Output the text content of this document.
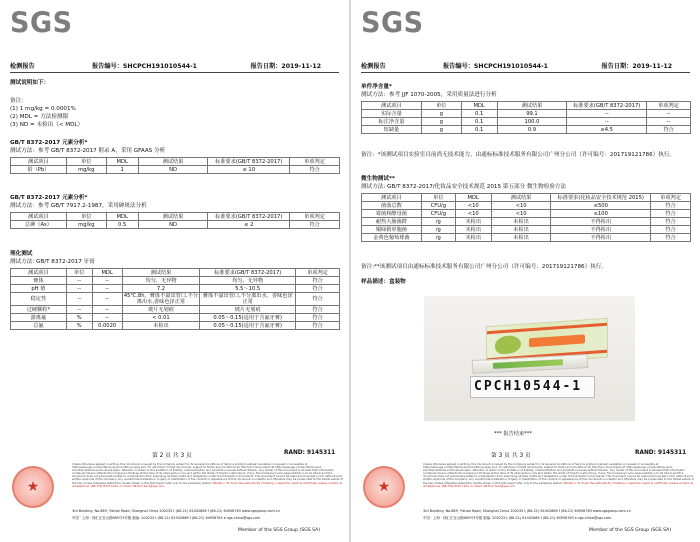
SGS
检测报告	报告编号：SHCPCH191010544-1	报告日期：2019-11-12
测试说明如下：
备注：
(1) 1 mg/kg = 0.0001%
(2) MDL = 方法检测限
(3) ND = 未检出（< MDL）
GB/T 8372-2017 元素分析*
测试方法：参考 GB/T 8372-2017 附录 A，采用 GFAAS 分析
测试项目	单位	MDL	测试结果	标准要求(GB/T 8372-2017)	单项判定
铅（Pb）	mg/kg	1	ND	≤ 10	符合
GB/T 8372-2017 元素分析*
测试方法：参考 GB/T 7917.2-1987，采用砷斑法分析
测试项目	单位	MDL	测试结果	标准要求(GB/T 8372-2017)	单项判定
总砷（As）	mg/kg	0.5	ND	≤ 2	符合
理化测试
测试方法: GB/T 8372-2017 牙膏
测试项目	单位	MDL	测试结果	标准要求(GB/T 8372-2017)	单项判定
膏体	--	--	均匀、无异物	均匀、无异物	符合
pH 值	--	--	7.2	5.5～10.5	符合
稳定性	--	--	45℃,8h，膏体不溢出管口,不分离出水,香味色泽正常	膏体不溢出管口,不分离出水，香味色泽正常	符合
过硬颗粒*	--	--	玻片无划痕	玻片无划痕	符合
游离氟	%	--	< 0.01	0.05～0.15(适用于含氟牙膏)	符合
总氟	%	0.0020	未检出	0.05～0.15(适用于含氟牙膏)	符合
第 2 页 共 3 页	RAND: 9145311
★
Unless otherwise agreed in writing, this document is issued by the Company subject to its General Conditions of Service printed overleaf, available on request or accessible at http://www.sgs.com/en/Terms-and-Conditions.aspx and, for electronic format documents, subject to Terms and Conditions for Electronic Documents at http://www.sgs.com/en/Terms-and-Conditions/Terms-e-Document.aspx. Attention is drawn to the limitation of liability, indemnification and jurisdiction issues defined therein. Any holder of this document is advised that information contained hereon reflects the Company's findings at the time of its intervention only and within the limits of Client's instructions, if any. The Company's sole responsibility is to its Client and this document does not exonerate parties to a transaction from exercising all their rights and obligations under the transaction documents. This document cannot be reproduced except in full, without prior written approval of the Company. Any unauthorized alteration, forgery or falsification of the content or appearance of this document is unlawful and offenders may be prosecuted to the fullest extent of the law. Unless otherwise stated the results shown in this test report refer only to the sample(s) tested. Attention: To check the authenticity of testing / inspection report & certificate, please contact us at telephone: (86-755) 8307 1443, or email: CN.Doccheck@sgs.com
3rd Building, No.889, Yishan Road, Shanghai China 200233 t (86-21) 61402666 f (86-21) 64958763 www.sgsgroup.com.cn
中国 · 上海 · 徐汇区宜山路889号3号楼 邮编: 200233 t (86-21) 61402666 f (86-21) 64958763 e sgs.china@sgs.com
Member of the SGS Group (SGS SA)
SGS
检测报告	报告编号：SHCPCH191010544-1	报告日期：2019-11-12
单件净含量*
测试方法：参考 JJF 1070-2005，采用质量法进行分析
测试项目	单位	MDL	测试结果	标准要求(GB/T 8372-2017)	单项判定
实际含量	g	0.1	99.1	--	--
标注净含量	g	0.1	100.0	--	--
短缺量	g	0.1	0.9	≤4.5	符合
备注：*该测试项目实验室目前尚无技术能力，由通标标准技术服务有限公司广州分公司（许可编号：201719121786）执行。
微生物测试**
测试方法: GB/T 8372-2017/化妆品安全技术规范 2015 第五部分 微生物检验方法
测试项目	单位	MDL	测试结果	标准要求(化妆品安全技术规范 2015)	单项判定
菌落总数	CFU/g	<10	<10	≤500	符合
霉菌和酵母菌	CFU/g	<10	<10	≤100	符合
耐热大肠菌群	/g	未检出	未检出	不得检出	符合
铜绿假单胞菌	/g	未检出	未检出	不得检出	符合
金黄色葡萄球菌	/g	未检出	未检出	不得检出	符合
备注:**该测试项目由通标标准技术服务有限公司广州分公司（许可编号：201719121786）执行。
样品描述：盒装物
CPCH10544-1
*** 报告结束***
第 3 页 共 3 页	RAND: 9145311
★
Unless otherwise agreed in writing, this document is issued by the Company subject to its General Conditions of Service printed overleaf, available on request or accessible at http://www.sgs.com/en/Terms-and-Conditions.aspx and, for electronic format documents, subject to Terms and Conditions for Electronic Documents at http://www.sgs.com/en/Terms-and-Conditions/Terms-e-Document.aspx. Attention is drawn to the limitation of liability, indemnification and jurisdiction issues defined therein. Any holder of this document is advised that information contained hereon reflects the Company's findings at the time of its intervention only and within the limits of Client's instructions, if any. The Company's sole responsibility is to its Client and this document does not exonerate parties to a transaction from exercising all their rights and obligations under the transaction documents. This document cannot be reproduced except in full, without prior written approval of the Company. Any unauthorized alteration, forgery or falsification of the content or appearance of this document is unlawful and offenders may be prosecuted to the fullest extent of the law. Unless otherwise stated the results shown in this test report refer only to the sample(s) tested. Attention: To check the authenticity of testing / inspection report & certificate, please contact us at telephone: (86-755) 8307 1443, or email: CN.Doccheck@sgs.com
3rd Building, No.889, Yishan Road, Shanghai China 200233 t (86-21) 61402666 f (86-21) 64958763 www.sgsgroup.com.cn
中国 · 上海 · 徐汇区宜山路889号3号楼 邮编: 200233 t (86-21) 61402666 f (86-21) 64958763 e sgs.china@sgs.com
Member of the SGS Group (SGS SA)
